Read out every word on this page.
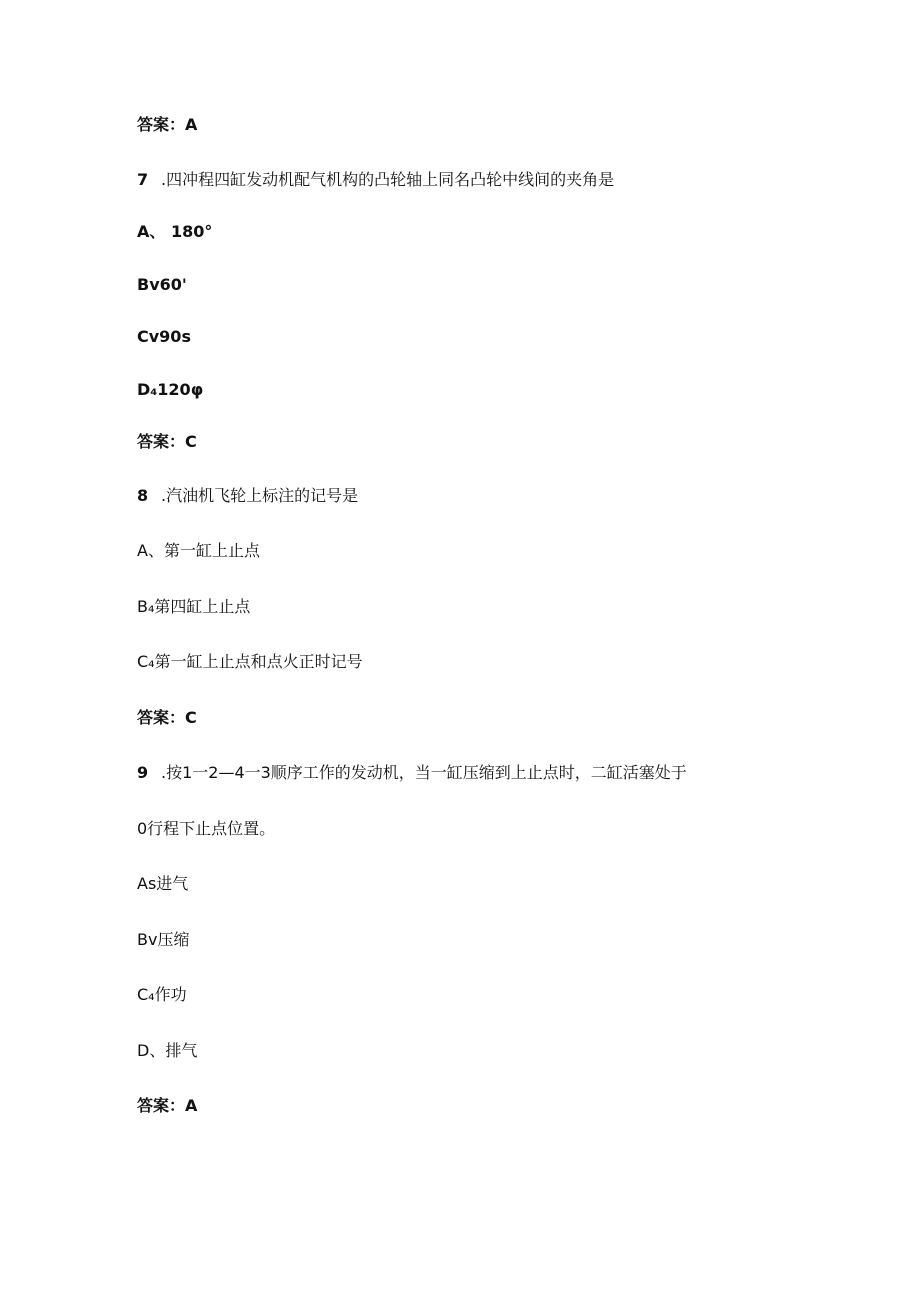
答案：A
7 .四冲程四缸发动机配气机构的凸轮轴上同名凸轮中线间的夹角是
A、 180°
Bv60'
Cv90s
D₄120φ
答案：C
8 .汽油机飞轮上标注的记号是
A、第一缸上止点
B₄第四缸上止点
C₄第一缸上止点和点火正时记号
答案：C
9 .按1一2—4一3顺序工作的发动机，当一缸压缩到上止点时，二缸活塞处于
0行程下止点位置。
As进气
Bv压缩
C₄作功
D、排气
答案：A
